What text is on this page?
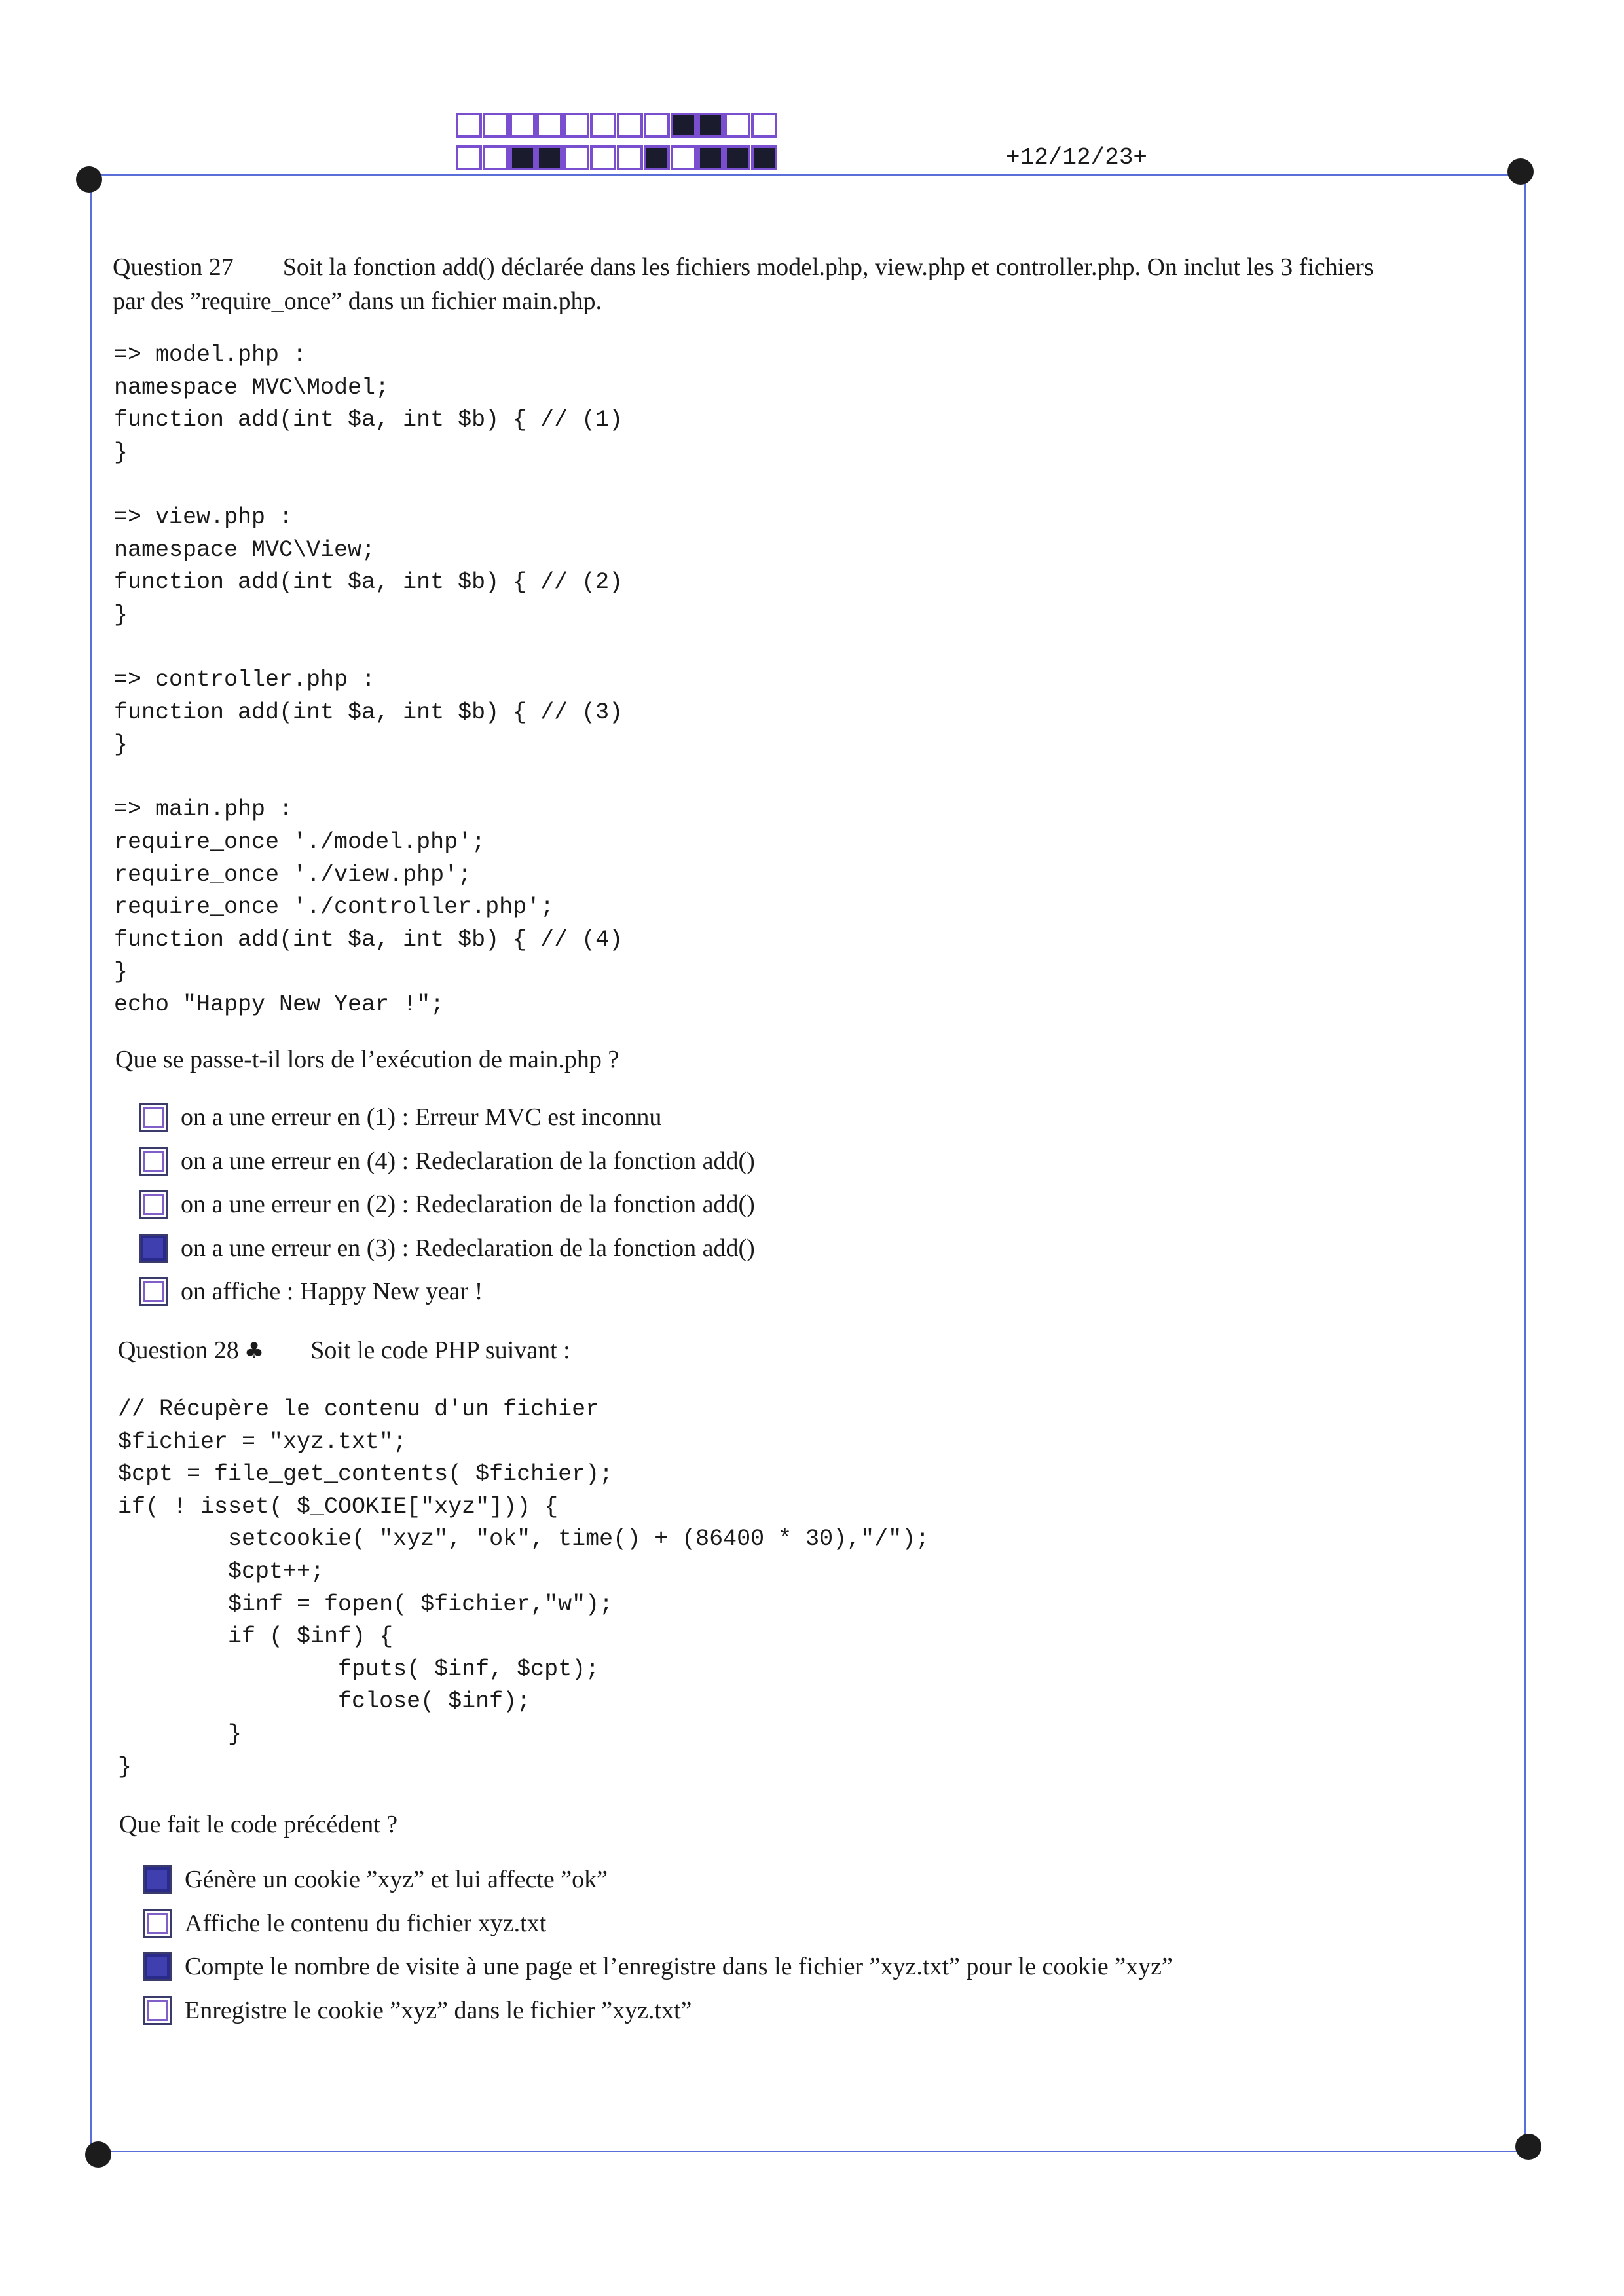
+12/12/23+
Question 27 Soit la fonction add() déclarée dans les fichiers model.php, view.php et controller.php. On inclut les 3 fichiers
par des ”require_once” dans un fichier main.php.
=> model.php :
namespace MVC\Model;
function add(int $a, int $b) { // (1)
}

=> view.php :
namespace MVC\View;
function add(int $a, int $b) { // (2)
}

=> controller.php :
function add(int $a, int $b) { // (3)
}

=> main.php :
require_once './model.php';
require_once './view.php';
require_once './controller.php';
function add(int $a, int $b) { // (4)
}
echo "Happy New Year !";
Que se passe-t-il lors de l’exécution de main.php ?
on a une erreur en (1) : Erreur MVC est inconnu
on a une erreur en (4) : Redeclaration de la fonction add()
on a une erreur en (2) : Redeclaration de la fonction add()
on a une erreur en (3) : Redeclaration de la fonction add()
on affiche : Happy New year !
Question 28 ♣ Soit le code PHP suivant :
// Récupère le contenu d'un fichier
$fichier = "xyz.txt";
$cpt = file_get_contents( $fichier);
if( ! isset( $_COOKIE["xyz"])) {
setcookie( "xyz", "ok", time() + (86400 * 30),"/");
$cpt++;
$inf = fopen( $fichier,"w");
if ( $inf) {
fputs( $inf, $cpt);
fclose( $inf);
}
}
Que fait le code précédent ?
Génère un cookie ”xyz” et lui affecte ”ok”
Affiche le contenu du fichier xyz.txt
Compte le nombre de visite à une page et l’enregistre dans le fichier ”xyz.txt” pour le cookie ”xyz”
Enregistre le cookie ”xyz” dans le fichier ”xyz.txt”
